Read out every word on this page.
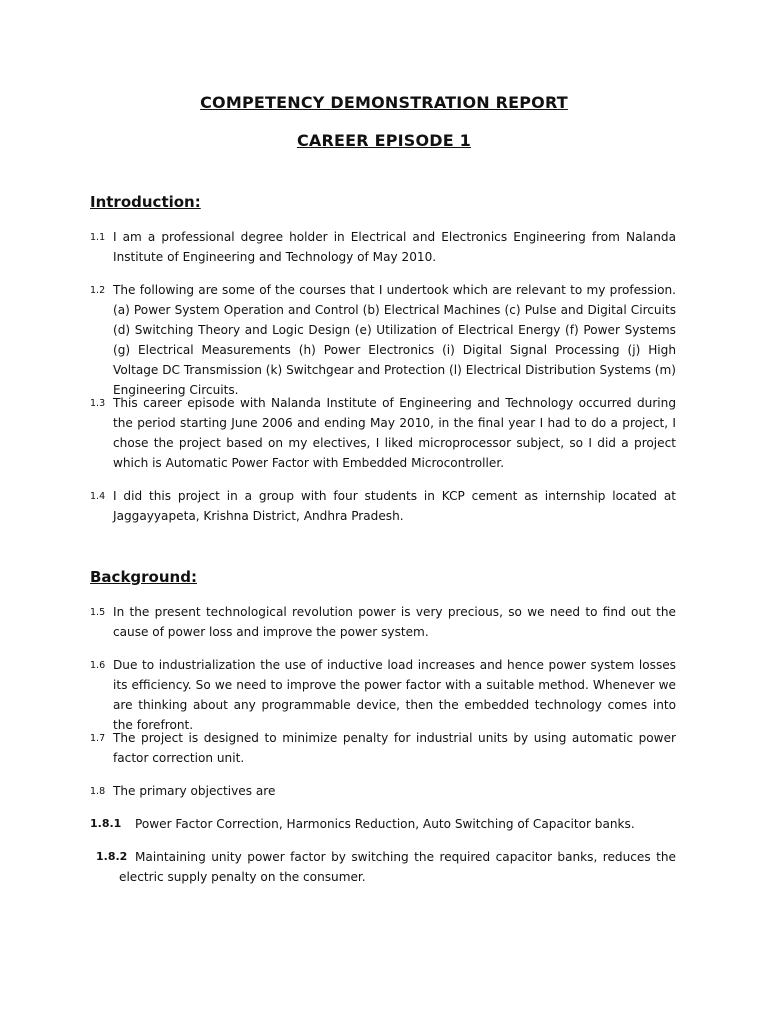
COMPETENCY DEMONSTRATION REPORT
CAREER EPISODE 1
Introduction:
1.1 I am a professional degree holder in Electrical and Electronics Engineering from Nalanda Institute of Engineering and Technology of May 2010.
1.2 The following are some of the courses that I undertook which are relevant to my profession. (a) Power System Operation and Control (b) Electrical Machines (c) Pulse and Digital Circuits (d) Switching Theory and Logic Design (e) Utilization of Electrical Energy (f) Power Systems (g) Electrical Measurements (h) Power Electronics (i) Digital Signal Processing (j) High Voltage DC Transmission (k) Switchgear and Protection (l) Electrical Distribution Systems (m) Engineering Circuits.
1.3 This career episode with Nalanda Institute of Engineering and Technology occurred during the period starting June 2006 and ending May 2010, in the final year I had to do a project, I chose the project based on my electives, I liked microprocessor subject, so I did a project which is Automatic Power Factor with Embedded Microcontroller.
1.4 I did this project in a group with four students in KCP cement as internship located at Jaggayyapeta, Krishna District, Andhra Pradesh.
Background:
1.5 In the present technological revolution power is very precious, so we need to find out the cause of power loss and improve the power system.
1.6 Due to industrialization the use of inductive load increases and hence power system losses its efficiency. So we need to improve the power factor with a suitable method. Whenever we are thinking about any programmable device, then the embedded technology comes into the forefront.
1.7 The project is designed to minimize penalty for industrial units by using automatic power factor correction unit.
1.8 The primary objectives are
1.8.1 Power Factor Correction, Harmonics Reduction, Auto Switching of Capacitor banks.
1.8.2 Maintaining unity power factor by switching the required capacitor banks, reduces the electric supply penalty on the consumer.
